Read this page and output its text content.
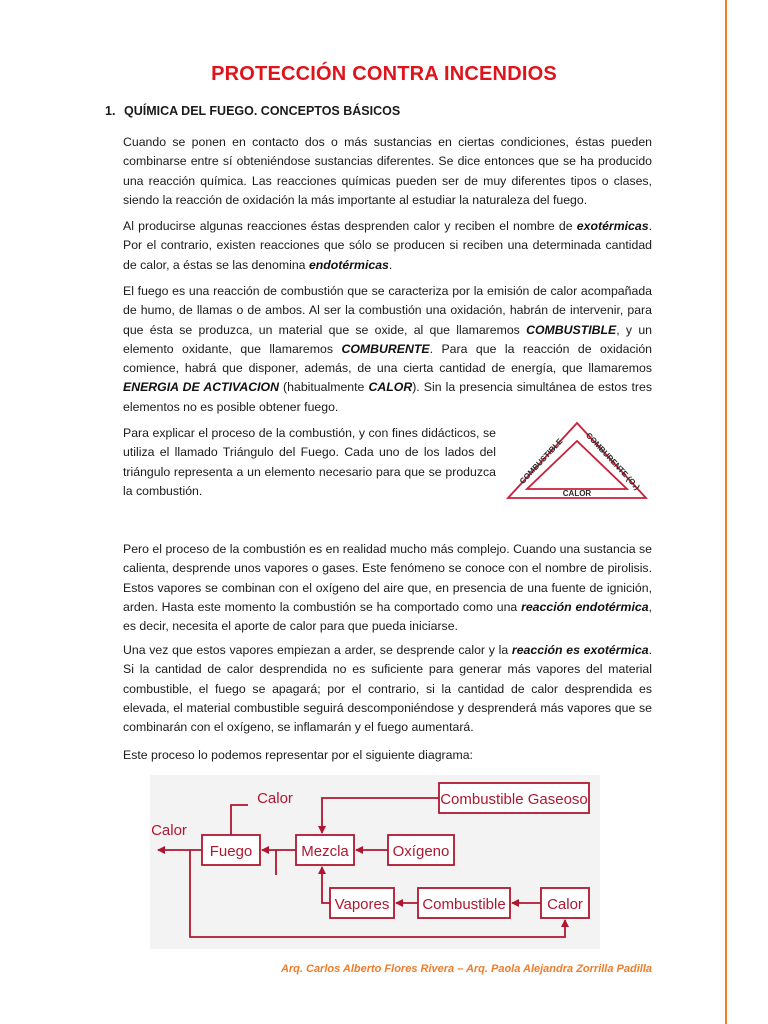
PROTECCIÓN CONTRA INCENDIOS
1. QUÍMICA DEL FUEGO. CONCEPTOS BÁSICOS

Cuando se ponen en contacto dos o más sustancias en ciertas condiciones, éstas pueden combinarse entre sí obteniéndose sustancias diferentes. Se dice entonces que se ha producido una reacción química. Las reacciones químicas pueden ser de muy diferentes tipos o clases, siendo la reacción de oxidación la más importante al estudiar la naturaleza del fuego.

Al producirse algunas reacciones éstas desprenden calor y reciben el nombre de exotérmicas. Por el contrario, existen reacciones que sólo se producen si reciben una determinada cantidad de calor, a éstas se las denomina endotérmicas.

El fuego es una reacción de combustión que se caracteriza por la emisión de calor acompañada de humo, de llamas o de ambos. Al ser la combustión una oxidación, habrán de intervenir, para que ésta se produzca, un material que se oxide, al que llamaremos COMBUSTIBLE, y un elemento oxidante, que llamaremos COMBURENTE. Para que la reacción de oxidación comience, habrá que disponer, además, de una cierta cantidad de energía, que llamaremos ENERGIA DE ACTIVACION (habitualmente CALOR). Sin la presencia simultánea de estos tres elementos no es posible obtener fuego.

Para explicar el proceso de la combustión, y con fines didácticos, se utiliza el llamado Triángulo del Fuego. Cada uno de los lados del triángulo representa a un elemento necesario para que se produzca la combustión.

COMBUSTIBLE COMBURENTE (O₂)
CALOR

Pero el proceso de la combustión es en realidad mucho más complejo. Cuando una sustancia se calienta, desprende unos vapores o gases. Este fenómeno se conoce con el nombre de pirolisis. Estos vapores se combinan con el oxígeno del aire que, en presencia de una fuente de ignición, arden. Hasta este momento la combustión se ha comportado como una reacción endotérmica, es decir, necesita el aporte de calor para que pueda iniciarse.

Una vez que estos vapores empiezan a arder, se desprende calor y la reacción es exotérmica. Si la cantidad de calor desprendida no es suficiente para generar más vapores del material combustible, el fuego se apagará; por el contrario, si la cantidad de calor desprendida es elevada, el material combustible seguirá descomponiéndose y desprenderá más vapores que se combinarán con el oxígeno, se inflamarán y el fuego aumentará.

Este proceso lo podemos representar por el siguiente diagrama:

Calor
Calor
Fuego	Mezcla	Oxígeno
Combustible Gaseoso
Vapores Combustible	Calor
Arq. Carlos Alberto Flores Rivera – Arq. Paola Alejandra Zorrilla Padilla
